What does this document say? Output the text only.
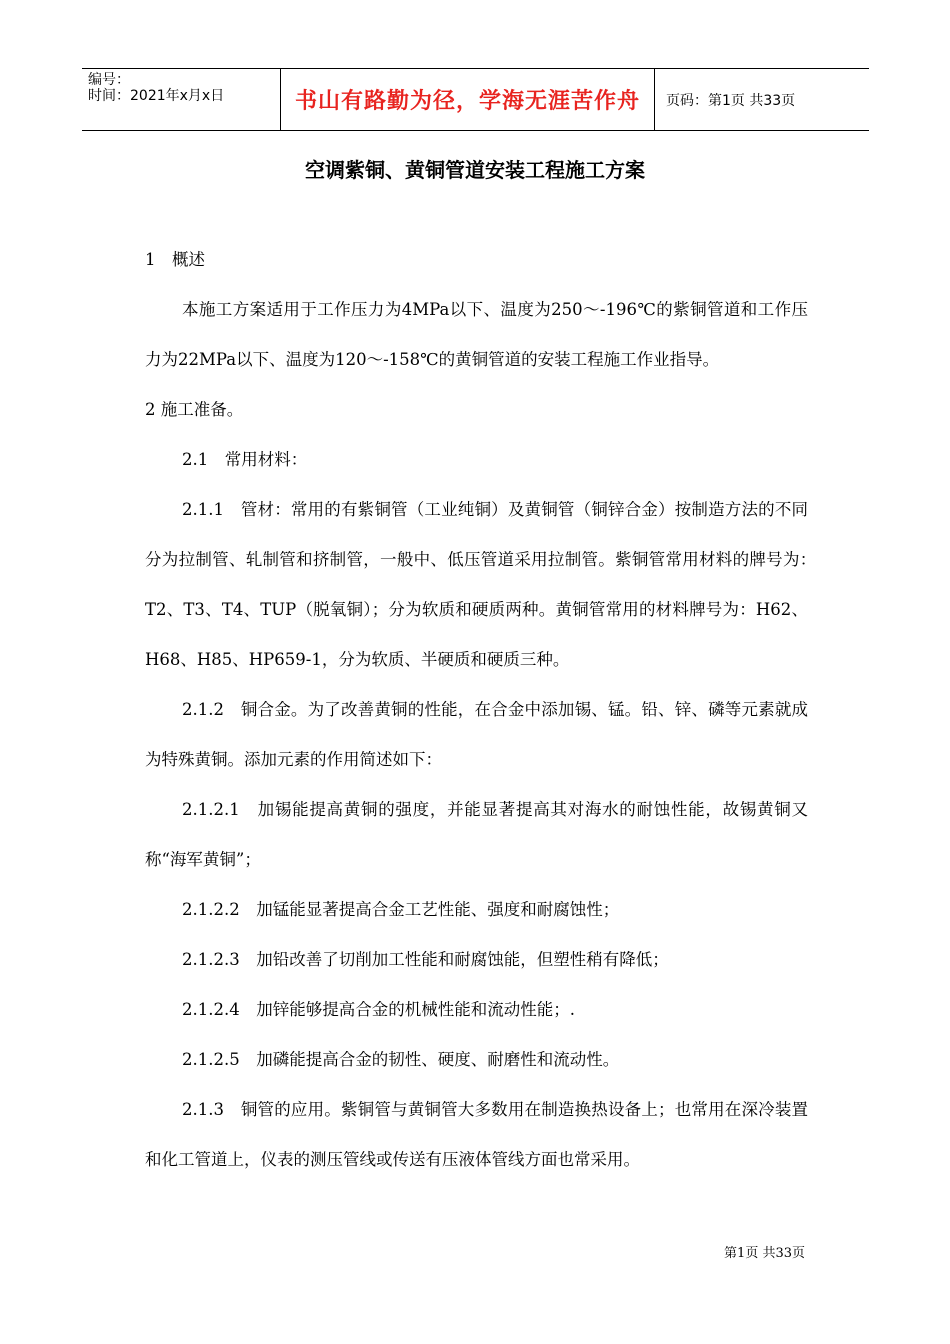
编号：
时间：2021年x月x日	书山有路勤为径，学海无涯苦作舟	页码：第1页 共33页
空调紫铜、黄铜管道安装工程施工方案

1　概述

本施工方案适用于工作压力为4MPa以下、温度为250～-196℃的紫铜管道和工作压力为22MPa以下、温度为120～-158℃的黄铜管道的安装工程施工作业指导。

2 施工准备。

2.1　常用材料：

2.1.1　管材：常用的有紫铜管（工业纯铜）及黄铜管（铜锌合金）按制造方法的不同分为拉制管、轧制管和挤制管，一般中、低压管道采用拉制管。紫铜管常用材料的牌号为：　T2、T3、T4、TUP（脱氧铜）；分为软质和硬质两种。黄铜管常用的材料牌号为：H62、H68、H85、HP659-1，分为软质、半硬质和硬质三种。

2.1.2　铜合金。为了改善黄铜的性能，在合金中添加锡、锰。铅、锌、磷等元素就成为特殊黄铜。添加元素的作用简述如下：

2.1.2.1　加锡能提高黄铜的强度，并能显著提高其对海水的耐蚀性能，故锡黄铜又称“海军黄铜”；

2.1.2.2　加锰能显著提高合金工艺性能、强度和耐腐蚀性；

2.1.2.3　加铅改善了切削加工性能和耐腐蚀能，但塑性稍有降低；

2.1.2.4　加锌能够提高合金的机械性能和流动性能；.

2.1.2.5　加磷能提高合金的韧性、硬度、耐磨性和流动性。

2.1.3　铜管的应用。紫铜管与黄铜管大多数用在制造换热设备上；也常用在深冷装置和化工管道上，仪表的测压管线或传送有压液体管线方面也常采用。

第1页 共33页
